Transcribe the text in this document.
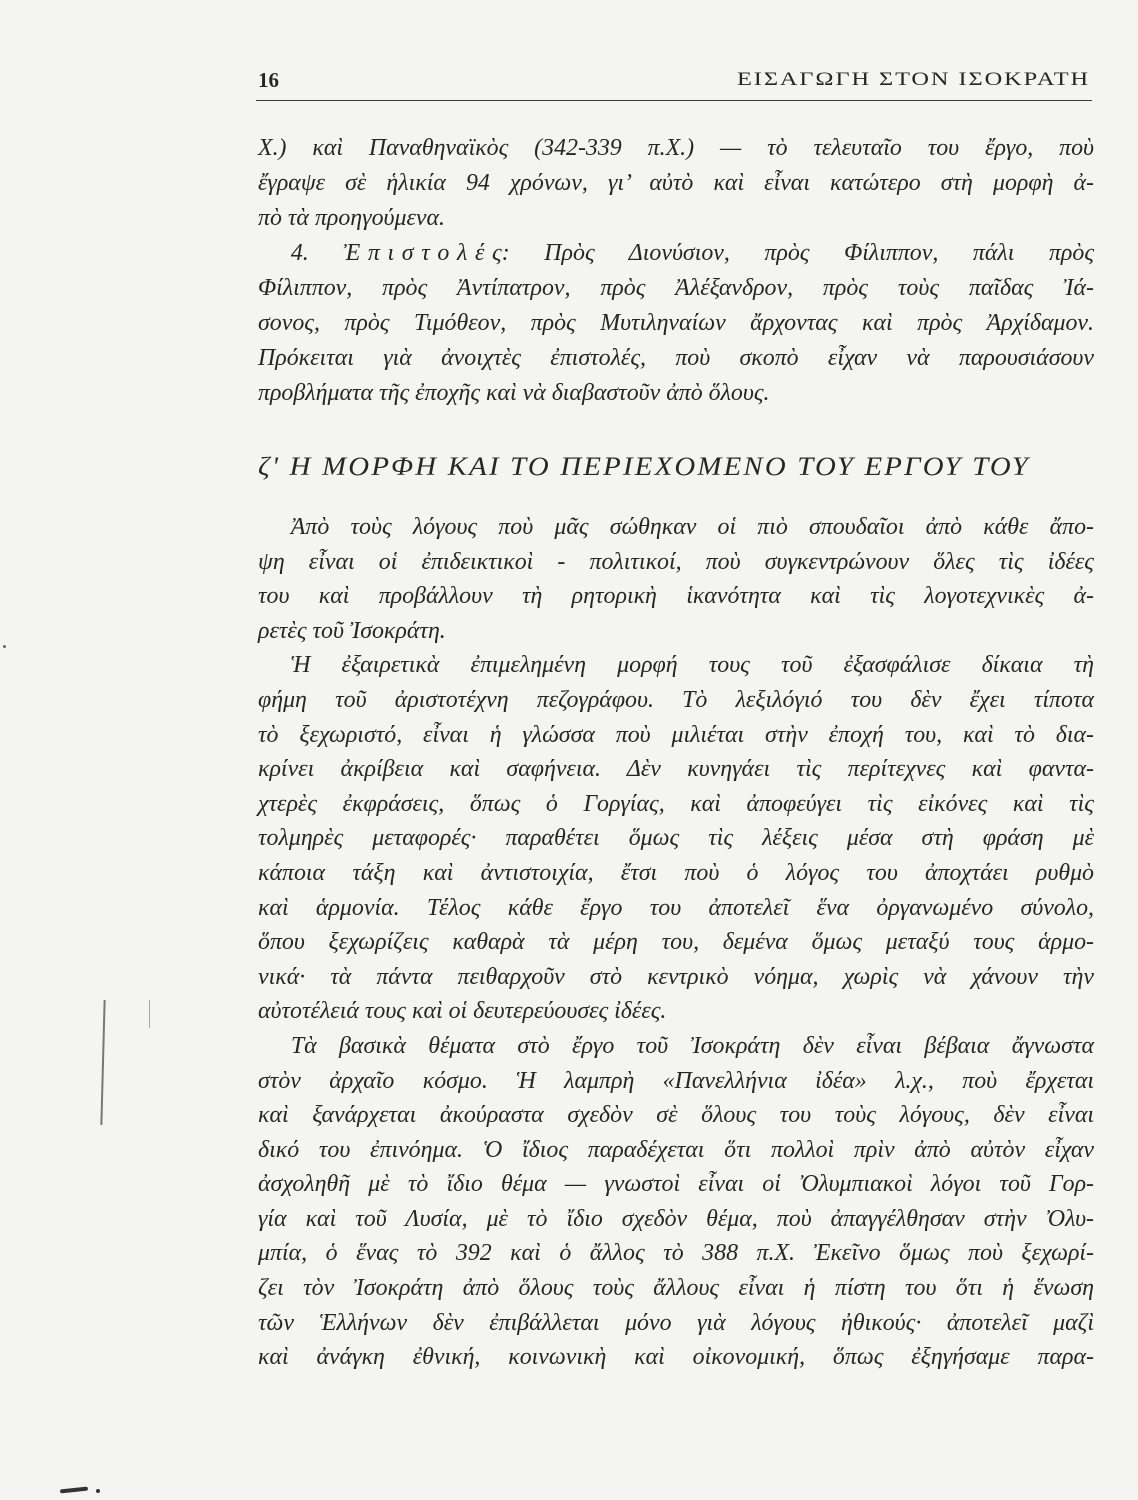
16	ΕΙΣΑΓΩΓΗ ΣΤΟΝ ΙΣΟΚΡΑΤΗ
Χ.) καὶ Παναθηναϊκὸς (342-339 π.Χ.) — τὸ τελευταῖο του ἔργο, ποὺ
ἔγραψε σὲ ἡλικία 94 χρόνων, γι’ αὐτὸ καὶ εἶναι κατώτερο στὴ μορφὴ ἀ-
πὸ τὰ προηγούμενα.
4. Ἐπιστολές: Πρὸς Διονύσιον, πρὸς Φίλιππον, πάλι πρὸς
Φίλιππον, πρὸς Ἀντίπατρον, πρὸς Ἀλέξανδρον, πρὸς τοὺς παῖδας Ἰά-
σονος, πρὸς Τιμόθεον, πρὸς Μυτιληναίων ἄρχοντας καὶ πρὸς Ἀρχίδαμον.
Πρόκειται γιὰ ἀνοιχτὲς ἐπιστολές, ποὺ σκοπὸ εἶχαν νὰ παρουσιάσουν
προβλήματα τῆς ἐποχῆς καὶ νὰ διαβαστοῦν ἀπὸ ὅλους.
ζ' Η ΜΟΡΦΗ ΚΑΙ ΤΟ ΠΕΡΙΕΧΟΜΕΝΟ ΤΟΥ ΕΡΓΟΥ ΤΟΥ
Ἀπὸ τοὺς λόγους ποὺ μᾶς σώθηκαν οἱ πιὸ σπουδαῖοι ἀπὸ κάθε ἄπο-
ψη εἶναι οἱ ἐπιδεικτικοὶ - πολιτικοί, ποὺ συγκεντρώνουν ὅλες τὶς ἰδέες
του καὶ προβάλλουν τὴ ρητορικὴ ἱκανότητα καὶ τὶς λογοτεχνικὲς ἀ-
ρετὲς τοῦ Ἰσοκράτη.
Ἡ ἐξαιρετικὰ ἐπιμελημένη μορφή τους τοῦ ἐξασφάλισε δίκαια τὴ
φήμη τοῦ ἀριστοτέχνη πεζογράφου. Τὸ λεξιλόγιό του δὲν ἔχει τίποτα
τὸ ξεχωριστό, εἶναι ἡ γλώσσα ποὺ μιλιέται στὴν ἐποχή του, καὶ τὸ δια-
κρίνει ἀκρίβεια καὶ σαφήνεια. Δὲν κυνηγάει τὶς περίτεχνες καὶ φαντα-
χτερὲς ἐκφράσεις, ὅπως ὁ Γοργίας, καὶ ἀποφεύγει τὶς εἰκόνες καὶ τὶς
τολμηρὲς μεταφορές· παραθέτει ὅμως τὶς λέξεις μέσα στὴ φράση μὲ
κάποια τάξη καὶ ἀντιστοιχία, ἔτσι ποὺ ὁ λόγος του ἀποχτάει ρυθμὸ
καὶ ἁρμονία. Τέλος κάθε ἔργο του ἀποτελεῖ ἕνα ὀργανωμένο σύνολο,
ὅπου ξεχωρίζεις καθαρὰ τὰ μέρη του, δεμένα ὅμως μεταξύ τους ἁρμο-
νικά· τὰ πάντα πειθαρχοῦν στὸ κεντρικὸ νόημα, χωρὶς νὰ χάνουν τὴν
αὐτοτέλειά τους καὶ οἱ δευτερεύουσες ἰδέες.
Τὰ βασικὰ θέματα στὸ ἔργο τοῦ Ἰσοκράτη δὲν εἶναι βέβαια ἄγνωστα
στὸν ἀρχαῖο κόσμο. Ἡ λαμπρὴ «Πανελλήνια ἰδέα» λ.χ., ποὺ ἔρχεται
καὶ ξανάρχεται ἀκούραστα σχεδὸν σὲ ὅλους του τοὺς λόγους, δὲν εἶναι
δικό του ἐπινόημα. Ὁ ἴδιος παραδέχεται ὅτι πολλοὶ πρὶν ἀπὸ αὐτὸν εἶχαν
ἀσχοληθῆ μὲ τὸ ἴδιο θέμα — γνωστοὶ εἶναι οἱ Ὀλυμπιακοὶ λόγοι τοῦ Γορ-
γία καὶ τοῦ Λυσία, μὲ τὸ ἴδιο σχεδὸν θέμα, ποὺ ἀπαγγέλθησαν στὴν Ὀλυ-
μπία, ὁ ἕνας τὸ 392 καὶ ὁ ἄλλος τὸ 388 π.Χ. Ἐκεῖνο ὅμως ποὺ ξεχωρί-
ζει τὸν Ἰσοκράτη ἀπὸ ὅλους τοὺς ἄλλους εἶναι ἡ πίστη του ὅτι ἡ ἕνωση
τῶν Ἑλλήνων δὲν ἐπιβάλλεται μόνο γιὰ λόγους ἠθικούς· ἀποτελεῖ μαζὶ
καὶ ἀνάγκη ἐθνική, κοινωνικὴ καὶ οἰκονομική, ὅπως ἐξηγήσαμε παρα-
